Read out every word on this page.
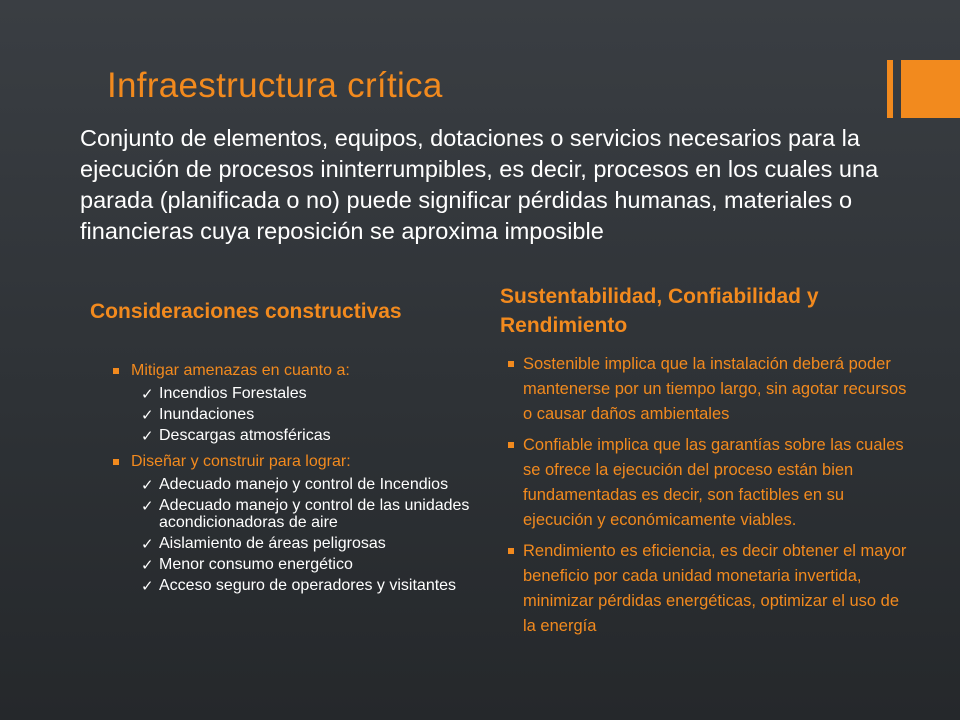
Infraestructura crítica
Conjunto de elementos, equipos, dotaciones o servicios necesarios para la ejecución de procesos ininterrumpibles, es decir, procesos en los cuales una parada (planificada o no) puede significar pérdidas humanas, materiales o financieras cuya reposición se aproxima imposible
Consideraciones constructivas
Sustentabilidad, Confiabilidad y Rendimiento
Mitigar amenazas en cuanto a:
✓ Incendios Forestales
✓ Inundaciones
✓ Descargas atmosféricas
Diseñar y construir para lograr:
✓ Adecuado manejo y control de Incendios
✓ Adecuado manejo y control de las unidades acondicionadoras de aire
✓ Aislamiento de áreas peligrosas
✓ Menor consumo energético
✓ Acceso seguro de operadores y visitantes
Sostenible implica que la instalación deberá poder mantenerse por un tiempo largo, sin agotar recursos o causar daños ambientales
Confiable implica que las garantías sobre las cuales se ofrece la ejecución del proceso están bien fundamentadas es decir, son factibles en su ejecución y económicamente viables.
Rendimiento es eficiencia, es decir obtener el mayor beneficio por cada unidad monetaria invertida, minimizar pérdidas energéticas, optimizar el uso de la energía
